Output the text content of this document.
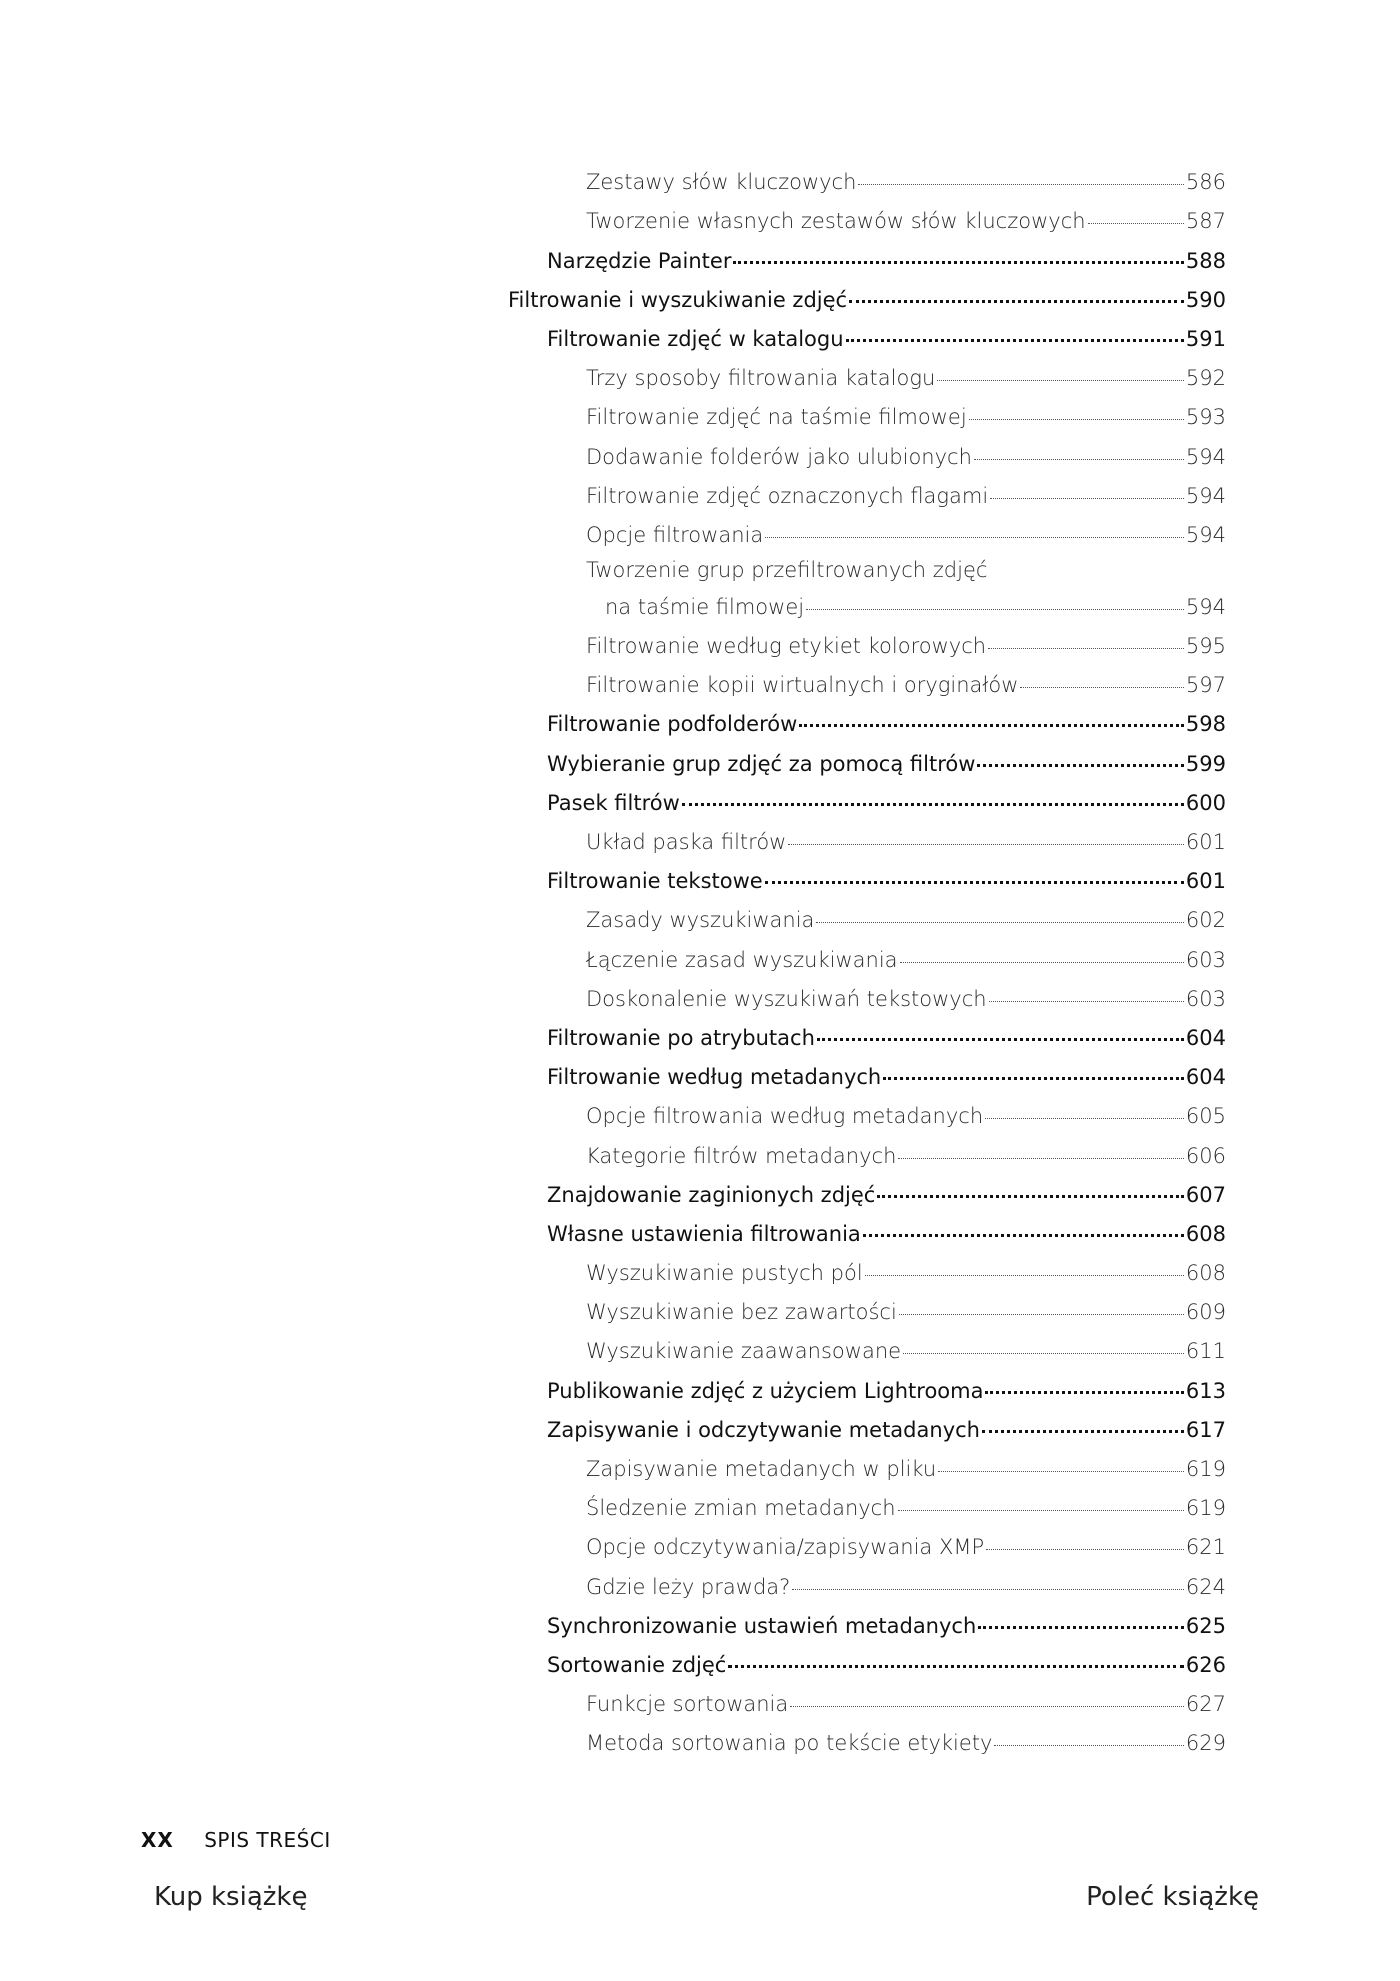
Zestawy słów kluczowych	586
Tworzenie własnych zestawów słów kluczowych	587
Narzędzie Painter	588
Filtrowanie i wyszukiwanie zdjęć	590
Filtrowanie zdjęć w katalogu	591
Trzy sposoby filtrowania katalogu	592
Filtrowanie zdjęć na taśmie filmowej	593
Dodawanie folderów jako ulubionych	594
Filtrowanie zdjęć oznaczonych flagami	594
Opcje filtrowania	594
Tworzenie grup przefiltrowanych zdjęć
na taśmie filmowej	594
Filtrowanie według etykiet kolorowych	595
Filtrowanie kopii wirtualnych i oryginałów	597
Filtrowanie podfolderów	598
Wybieranie grup zdjęć za pomocą filtrów	599
Pasek filtrów	600
Układ paska filtrów	601
Filtrowanie tekstowe	601
Zasady wyszukiwania	602
Łączenie zasad wyszukiwania	603
Doskonalenie wyszukiwań tekstowych	603
Filtrowanie po atrybutach	604
Filtrowanie według metadanych	604
Opcje filtrowania według metadanych	605
Kategorie filtrów metadanych	606
Znajdowanie zaginionych zdjęć	607
Własne ustawienia filtrowania	608
Wyszukiwanie pustych pól	608
Wyszukiwanie bez zawartości	609
Wyszukiwanie zaawansowane	611
Publikowanie zdjęć z użyciem Lightrooma	613
Zapisywanie i odczytywanie metadanych	617
Zapisywanie metadanych w pliku	619
Śledzenie zmian metadanych	619
Opcje odczytywania/zapisywania XMP	621
Gdzie leży prawda?	624
Synchronizowanie ustawień metadanych	625
Sortowanie zdjęć	626
Funkcje sortowania	627
Metoda sortowania po tekście etykiety	629
XX SPIS TREŚCI
Kup książkę	Poleć książkę
